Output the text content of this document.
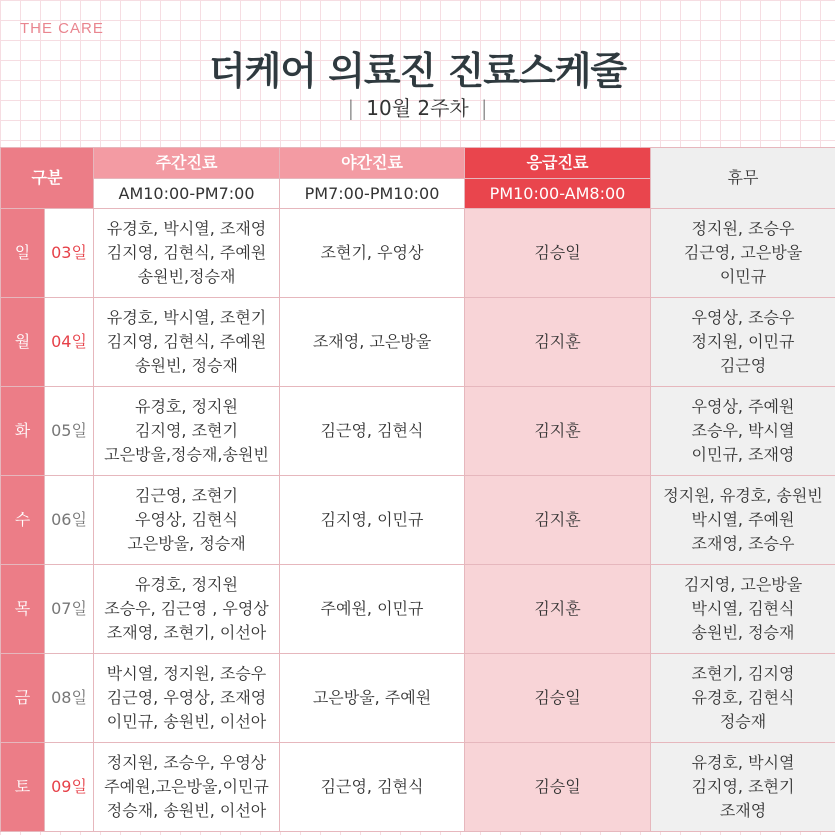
THE CARE
더케어 의료진 진료스케줄
| 10월 2주차 |
구분		주간진료	야간진료	응급진료	휴무
		AM10:00-PM7:00	PM7:00-PM10:00	PM10:00-AM8:00	
일	03일	유경호, 박시열, 조재영
김지영, 김현식, 주예원
송원빈,정승재	조현기, 우영상	김승일	정지원, 조승우
김근영, 고은방울
이민규

월	04일	유경호, 박시열, 조현기
김지영, 김현식, 주예원
송원빈, 정승재	조재영, 고은방울	김지훈	우영상, 조승우
정지원, 이민규
김근영

화	05일	유경호, 정지원
김지영, 조현기
고은방울,정승재,송원빈	김근영, 김현식	김지훈	우영상, 주예원
조승우, 박시열
이민규, 조재영

수	06일	김근영, 조현기
우영상, 김현식
고은방울, 정승재	김지영, 이민규	김지훈	정지원, 유경호, 송원빈
박시열, 주예원
조재영, 조승우

목	07일	유경호, 정지원
조승우, 김근영 , 우영상
조재영, 조현기, 이선아	주예원, 이민규	김지훈	김지영, 고은방울
박시열, 김현식
송원빈, 정승재

금	08일	박시열, 정지원, 조승우
김근영, 우영상, 조재영
이민규, 송원빈, 이선아	고은방울, 주예원	김승일	조현기, 김지영
유경호, 김현식
정승재

토	09일	정지원, 조승우, 우영상
주예원,고은방울,이민규
정승재, 송원빈, 이선아	김근영, 김현식	김승일	유경호, 박시열
김지영, 조현기
조재영
